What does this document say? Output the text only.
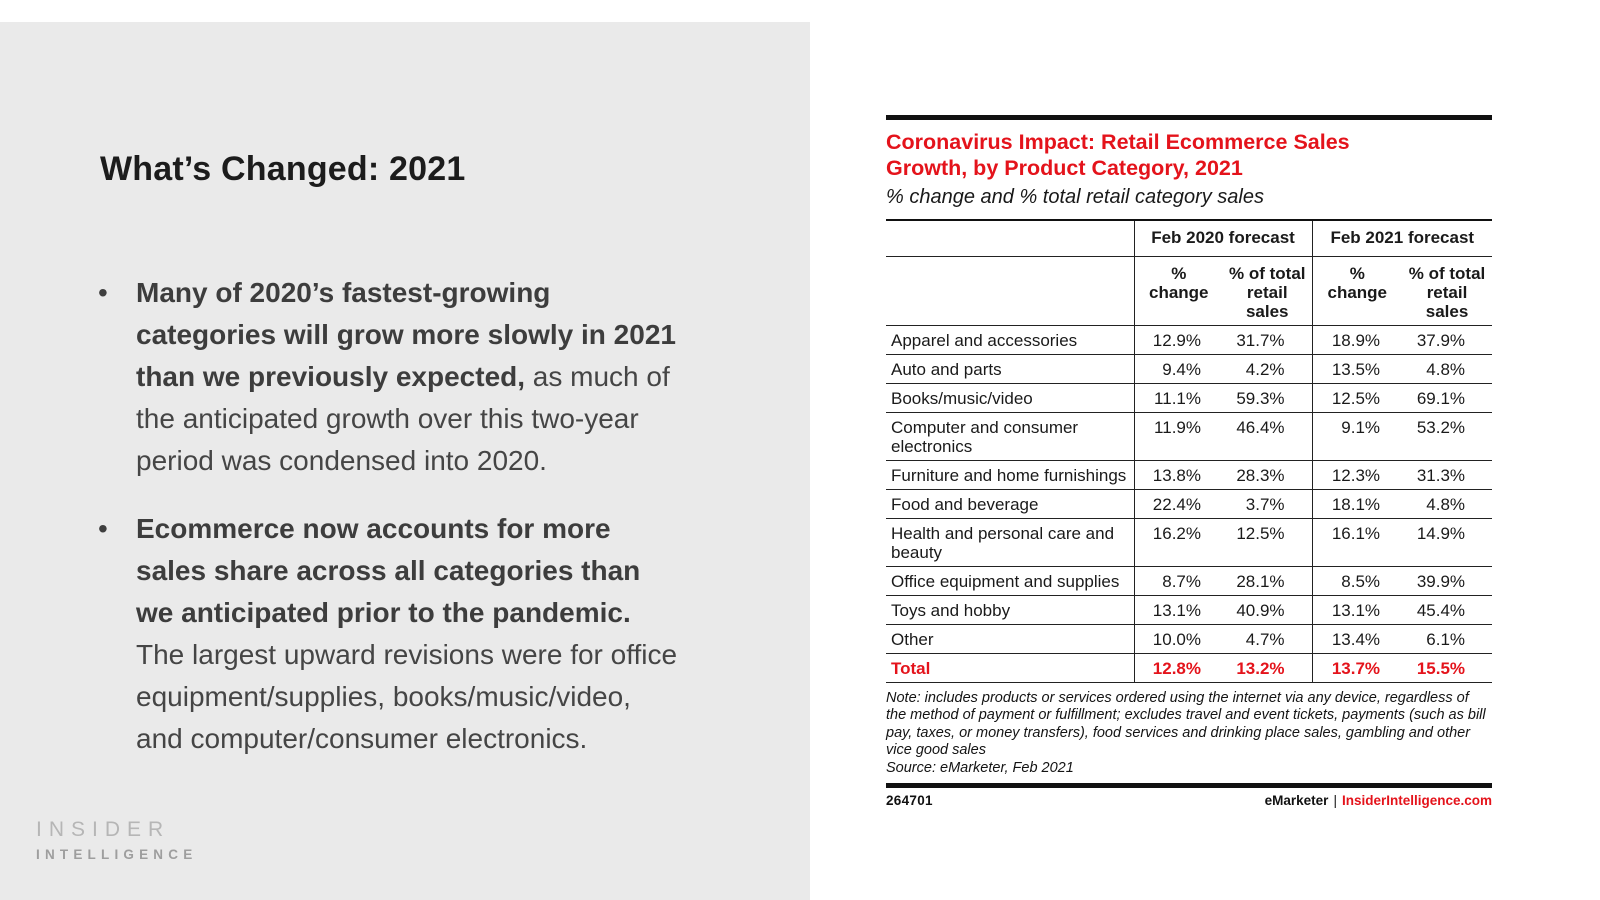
What’s Changed: 2021
•	Many of 2020’s fastest-growing categories will grow more slowly in 2021 than we previously expected, as much of the anticipated growth over this two-year period was condensed into 2020.
•	Ecommerce now accounts for more sales share across all categories than we anticipated prior to the pandemic. The largest upward revisions were for office equipment/supplies, books/music/video, and computer/consumer electronics.
INSIDER
INTELLIGENCE
Coronavirus Impact: Retail Ecommerce Sales Growth, by Product Category, 2021
% change and % total retail category sales
	Feb 2020 forecast		Feb 2021 forecast	
	% change	% of total retail sales	% change	% of total retail sales
Apparel and accessories	12.9%	31.7%	18.9%	37.9%
Auto and parts	9.4%	4.2%	13.5%	4.8%
Books/music/video	11.1%	59.3%	12.5%	69.1%
Computer and consumer electronics	11.9%	46.4%	9.1%	53.2%
Furniture and home furnishings	13.8%	28.3%	12.3%	31.3%
Food and beverage	22.4%	3.7%	18.1%	4.8%
Health and personal care and beauty	16.2%	12.5%	16.1%	14.9%
Office equipment and supplies	8.7%	28.1%	8.5%	39.9%
Toys and hobby	13.1%	40.9%	13.1%	45.4%
Other	10.0%	4.7%	13.4%	6.1%
Total	12.8%	13.2%	13.7%	15.5%
Note: includes products or services ordered using the internet via any device, regardless of the method of payment or fulfillment; excludes travel and event tickets, payments (such as bill pay, taxes, or money transfers), food services and drinking place sales, gambling and other vice good sales
Source: eMarketer, Feb 2021
264701	eMarketer | InsiderIntelligence.com
